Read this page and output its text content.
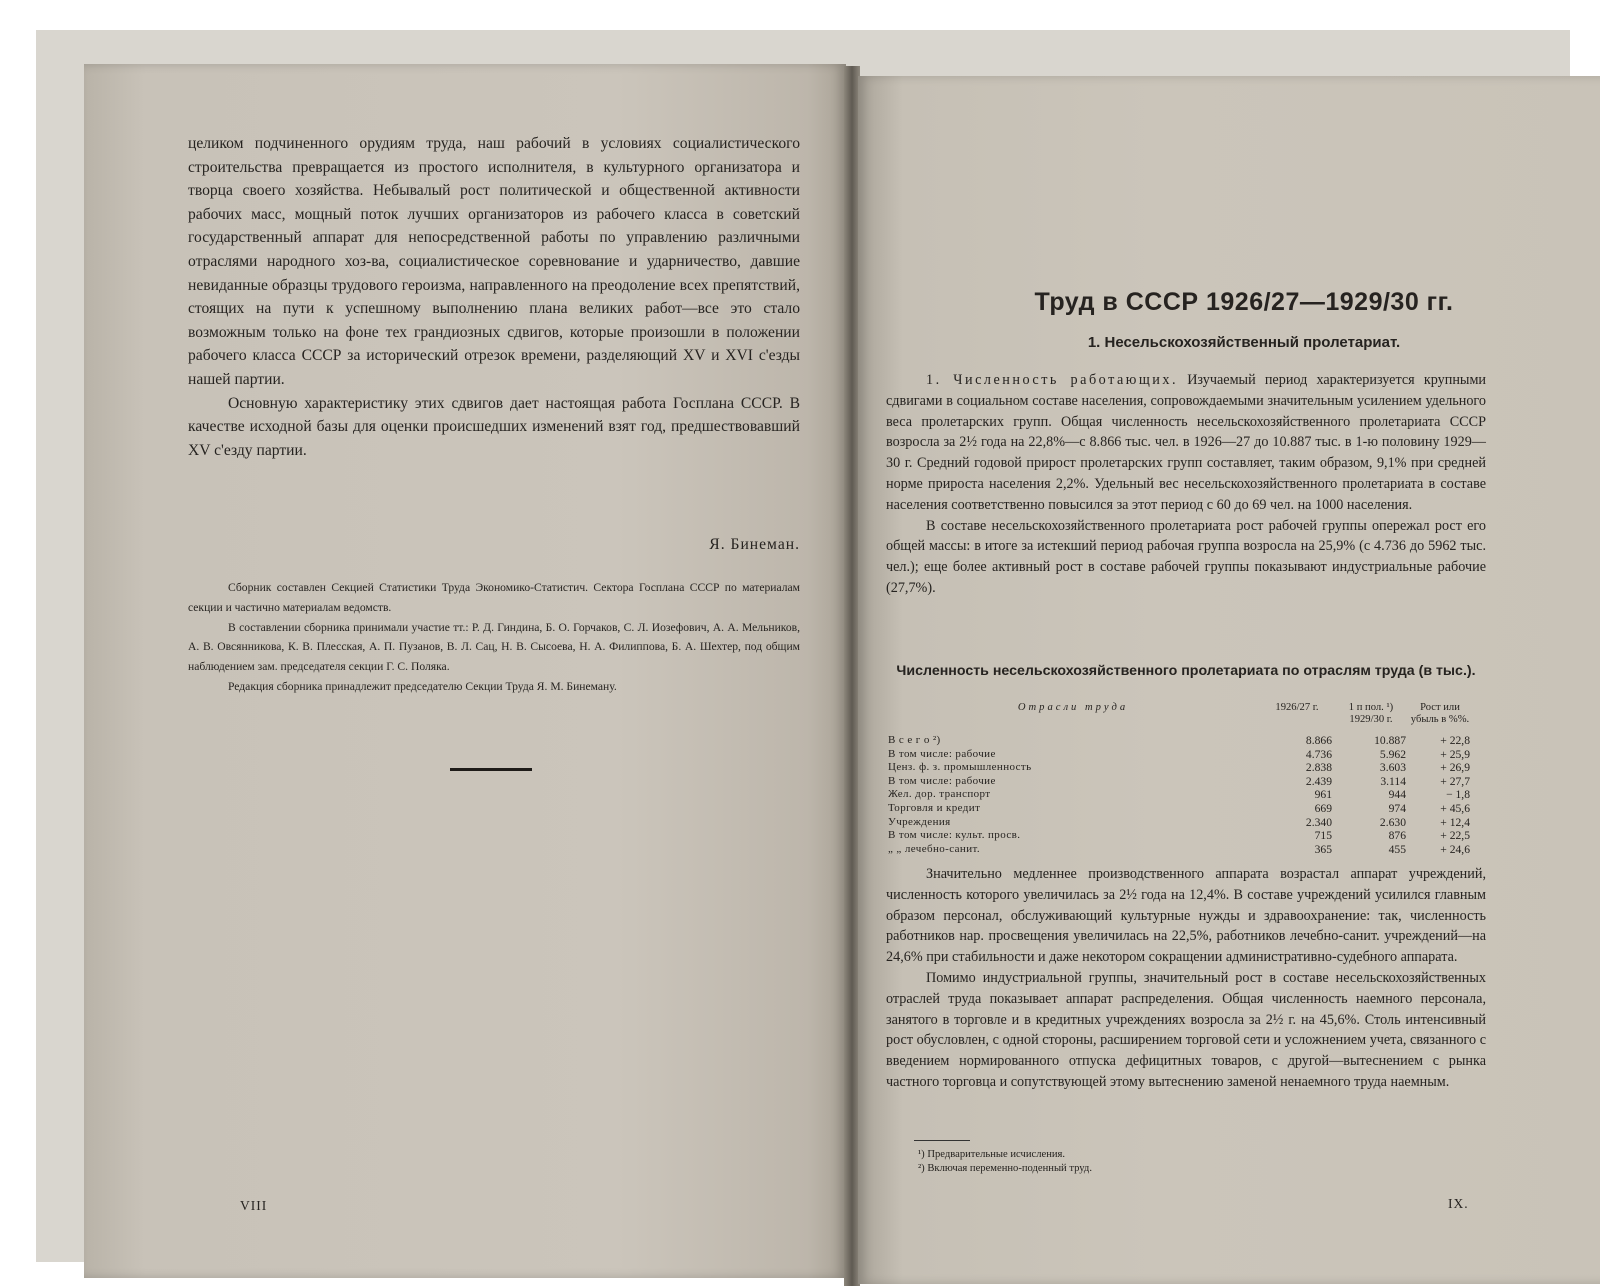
целиком подчиненного орудиям труда, наш рабочий в условиях социалистического строительства превращается из простого исполнителя, в культурного организатора и творца своего хозяйства. Небывалый рост политической и общественной активности рабочих масс, мощный поток лучших организаторов из рабочего класса в советский государственный аппарат для непосредственной работы по управлению различными отраслями народного хоз-ва, социалистическое соревнование и ударничество, давшие невиданные образцы трудового героизма, направленного на преодоление всех препятствий, стоящих на пути к успешному выполнению плана великих работ—все это стало возможным только на фоне тех грандиозных сдвигов, которые произошли в положении рабочего класса СССР за исторический отрезок времени, разделяющий XV и XVI с'езды нашей партии.

Основную характеристику этих сдвигов дает настоящая работа Госплана СССР. В качестве исходной базы для оценки происшедших изменений взят год, предшествовавший XV с'езду партии.

Я. Бинеман.

Сборник составлен Секцией Статистики Труда Экономико-Статистич. Сектора Госплана СССР по материалам секции и частично материалам ведомств.

В составлении сборника принимали участие тт.: Р. Д. Гиндина, Б. О. Горчаков, С. Л. Иозефович, А. А. Мельников, А. В. Овсянникова, К. В. Плесская, А. П. Пузанов, В. Л. Сац, Н. В. Сысоева, Н. А. Филиппова, Б. А. Шехтер, под общим наблюдением зам. председателя секции Г. С. Поляка.

Редакция сборника принадлежит председателю Секции Труда Я. М. Бинеману.

VIII
Труд в СССР 1926/27—1929/30 гг.
1. Несельскохозяйственный пролетариат.

1. Численность работающих. Изучаемый период характеризуется крупными сдвигами в социальном составе населения, сопровождаемыми значительным усилением удельного веса пролетарских групп. Общая численность несельскохозяйственного пролетариата СССР возросла за 2½ года на 22,8%—с 8.866 тыс. чел. в 1926—27 до 10.887 тыс. в 1-ю половину 1929—30 г. Средний годовой прирост пролетарских групп составляет, таким образом, 9,1% при средней норме прироста населения 2,2%. Удельный вес несельскохозяйственного пролетариата в составе населения соответственно повысился за этот период с 60 до 69 чел. на 1000 населения.

В составе несельскохозяйственного пролетариата рост рабочей группы опережал рост его общей массы: в итоге за истекший период рабочая группа возросла на 25,9% (с 4.736 до 5962 тыс. чел.); еще более активный рост в составе рабочей группы показывают индустриальные рабочие (27,7%).

Численность несельскохозяйственного пролетариата по отраслям труда (в тыс.).
Отрасли труда	1926/27 г.	1 п пол. ¹) 1929/30 г.	Рост или убыль в %%.
В с е г о ²)	8.866	10.887	+ 22,8
В том числе: рабочие	4.736	5.962	+ 25,9
Ценз. ф. з. промышленность	2.838	3.603	+ 26,9
В том числе: рабочие	2.439	3.114	+ 27,7
Жел. дор. транспорт	961	944	− 1,8
Торговля и кредит	669	974	+ 45,6
Учреждения	2.340	2.630	+ 12,4
В том числе: культ. просв.	715	876	+ 22,5
„ „ лечебно-санит.	365	455	+ 24,6

Значительно медленнее производственного аппарата возрастал аппарат учреждений, численность которого увеличилась за 2½ года на 12,4%. В составе учреждений усилился главным образом персонал, обслуживающий культурные нужды и здравоохранение: так, численность работников нар. просвещения увеличилась на 22,5%, работников лечебно-санит. учреждений—на 24,6% при стабильности и даже некотором сокращении административно-судебного аппарата.

Помимо индустриальной группы, значительный рост в составе несельскохозяйственных отраслей труда показывает аппарат распределения. Общая численность наемного персонала, занятого в торговле и в кредитных учреждениях возросла за 2½ г. на 45,6%. Столь интенсивный рост обусловлен, с одной стороны, расширением торговой сети и усложнением учета, связанного с введением нормированного отпуска дефицитных товаров, с другой—вытеснением с рынка частного торговца и сопутствующей этому вытеснению заменой ненаемного труда наемным.

¹) Предварительные исчисления.
²) Включая переменно-поденный труд.
IX.
